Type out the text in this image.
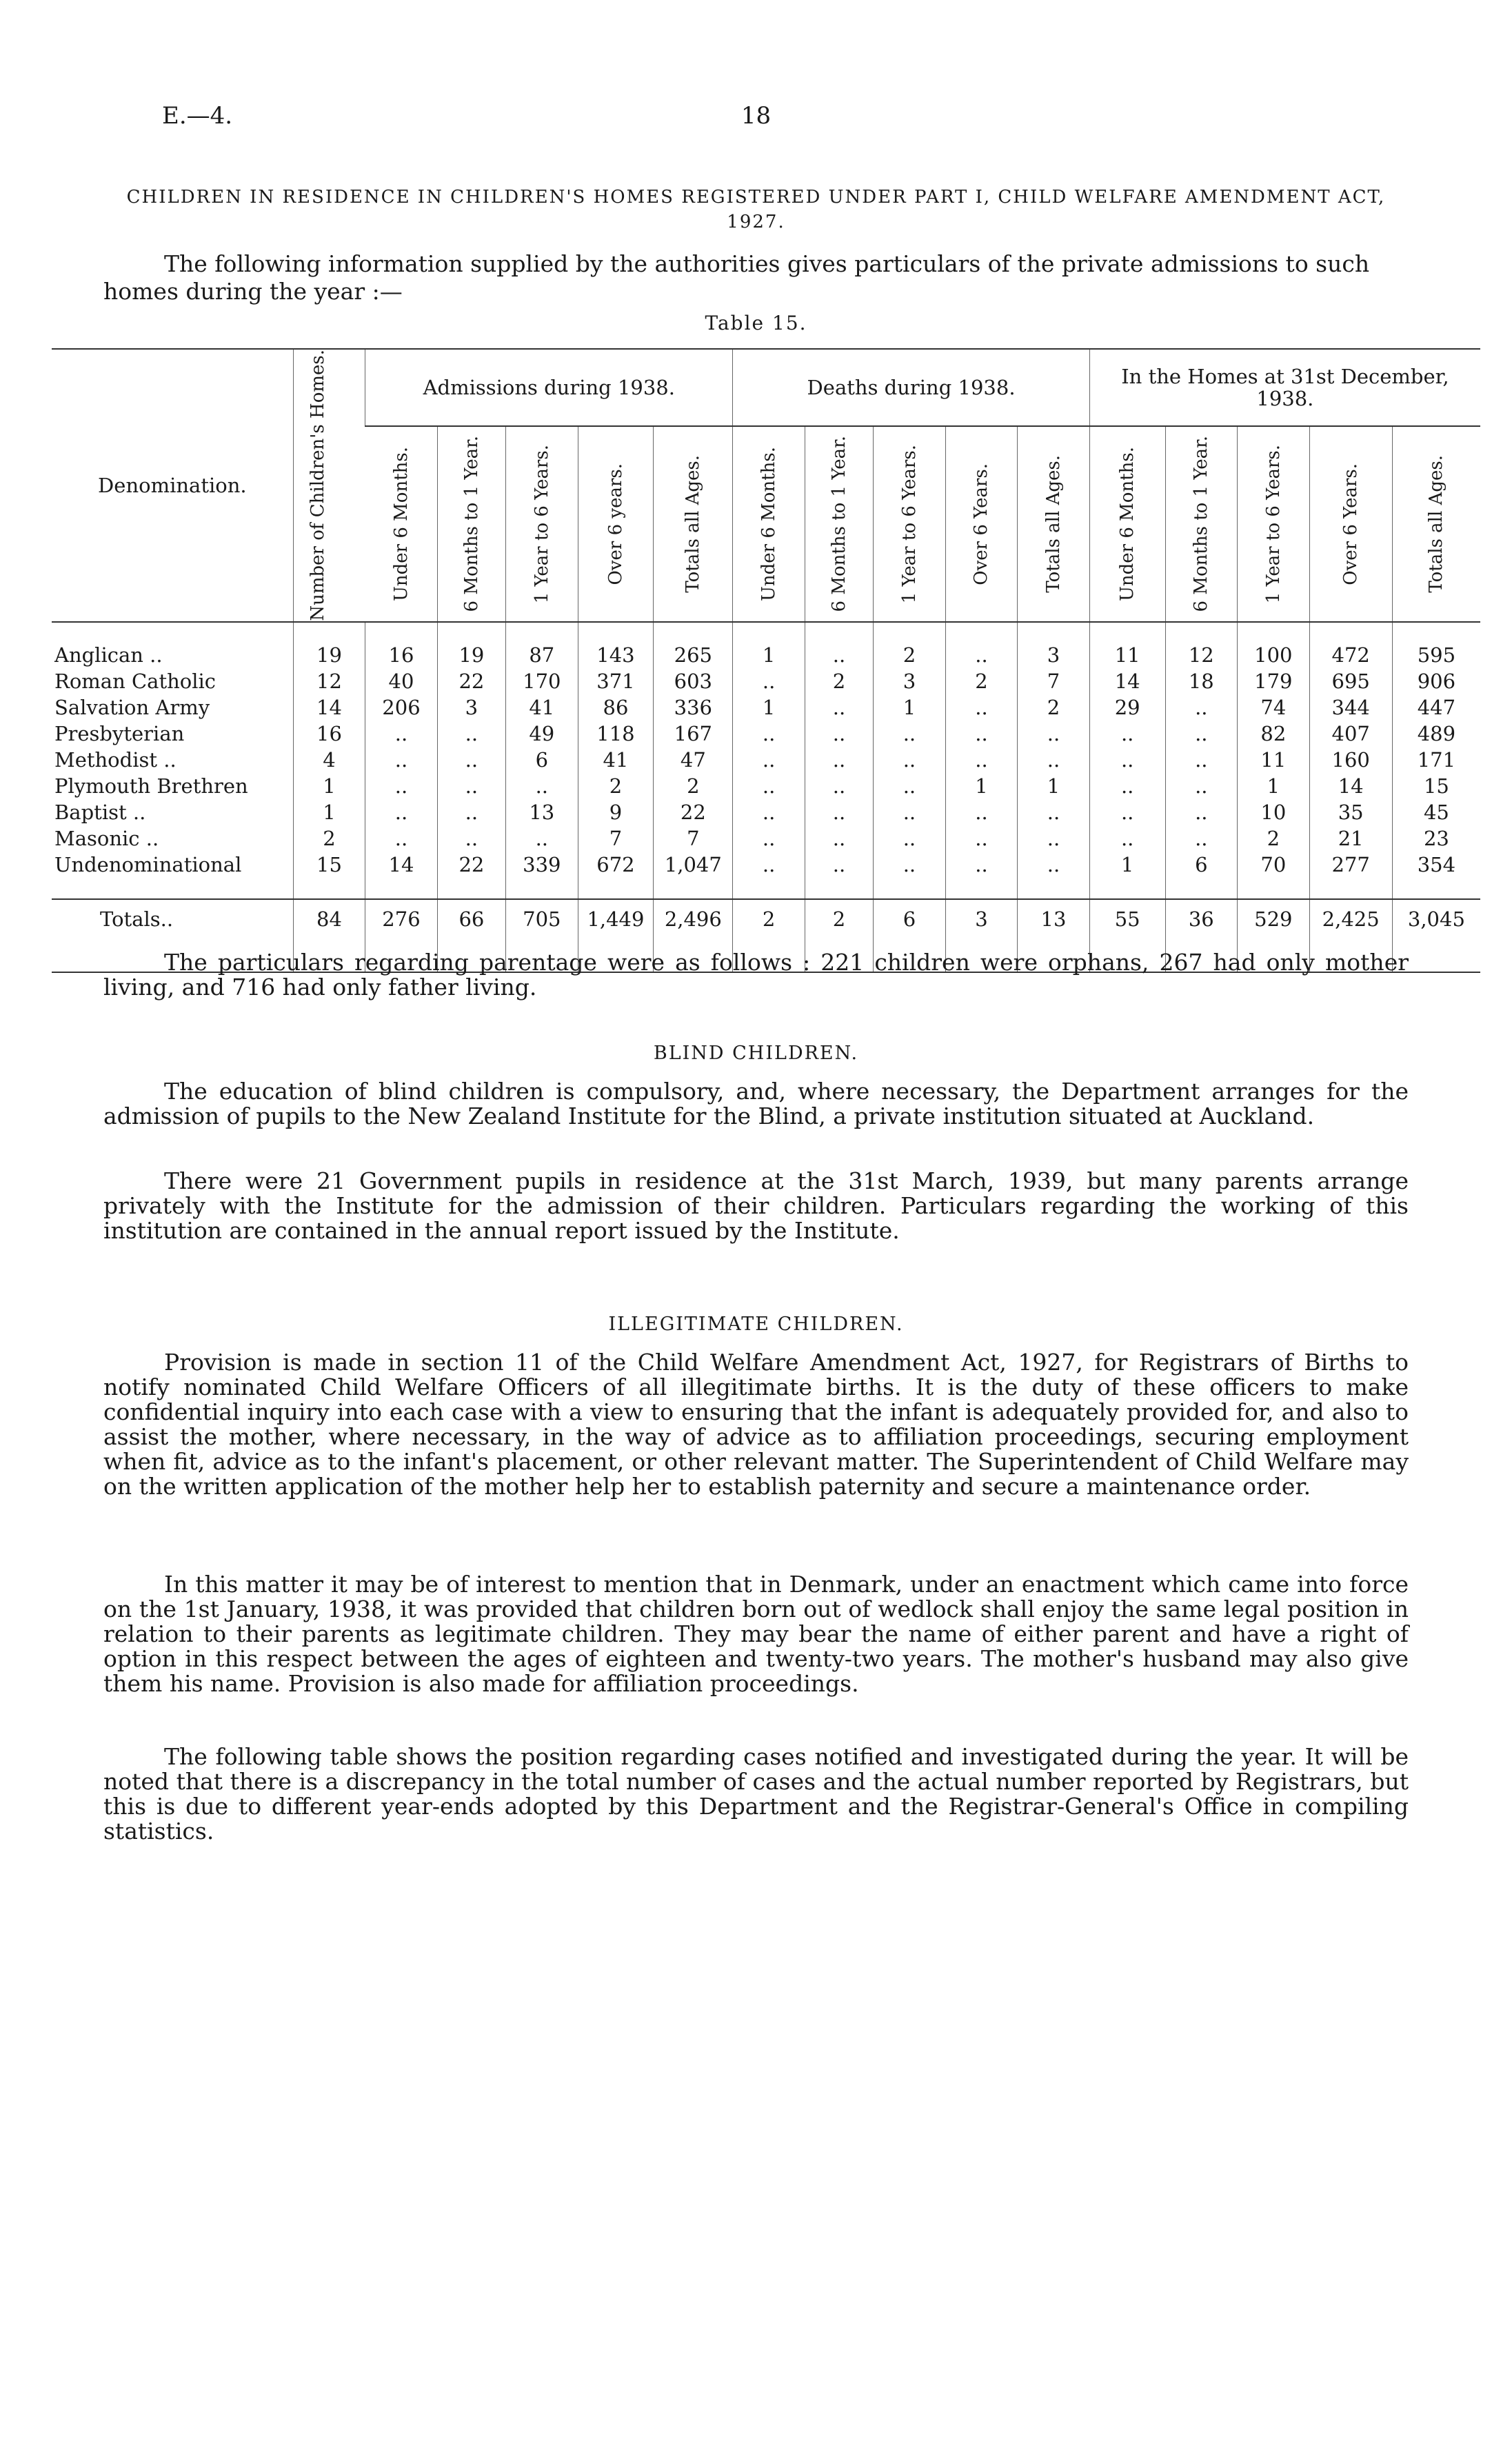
E.—4.	18
CHILDREN IN RESIDENCE IN CHILDREN'S HOMES REGISTERED UNDER PART I, CHILD WELFARE AMENDMENT ACT, 1927.
The following information supplied by the authorities gives particulars of the private admissions to such homes during the year :—
Table 15.
Denomination.	Number of Children's Homes.	Admissions during 1938.					Deaths during 1938.					In the Homes at 31st December, 1938.				

		Under 6 Months.	6 Months to 1 Year.	1 Year to 6 Years.	Over 6 years.	Totals all Ages.	Under 6 Months.	6 Months to 1 Year.	1 Year to 6 Years.	Over 6 Years.	Totals all Ages.	Under 6 Months.	6 Months to 1 Year.	1 Year to 6 Years.	Over 6 Years.	Totals all Ages.

Anglican ..	19	16	19	87	143	265	1	..	2	..	3	11	12	100	472	595
Roman Catholic	12	40	22	170	371	603	..	2	3	2	7	14	18	179	695	906
Salvation Army	14	206	3	41	86	336	1	..	1	..	2	29	..	74	344	447
Presbyterian	16	..	..	49	118	167	..	..	..	..	..	..	..	82	407	489
Methodist ..	4	..	..	6	41	47	..	..	..	..	..	..	..	11	160	171
Plymouth Brethren	1	..	..	..	2	2	..	..	..	1	1	..	..	1	14	15
Baptist ..	1	..	..	13	9	22	..	..	..	..	..	..	..	10	35	45
Masonic ..	2	..	..	..	7	7	..	..	..	..	..	..	..	2	21	23
Undenominational	15	14	22	339	672	1,047	..	..	..	..	..	1	6	70	277	354

Totals..	84	276	66	705	1,449	2,496	2	2	6	3	13	55	36	529	2,425	3,045

The particulars regarding parentage were as follows : 221 children were orphans, 267 had only mother living, and 716 had only father living.
BLIND CHILDREN.
The education of blind children is compulsory, and, where necessary, the Department arranges for the admission of pupils to the New Zealand Institute for the Blind, a private institution situated at Auckland.
There were 21 Government pupils in residence at the 31st March, 1939, but many parents arrange privately with the Institute for the admission of their children. Particulars regarding the working of this institution are contained in the annual report issued by the Institute.
ILLEGITIMATE CHILDREN.
Provision is made in section 11 of the Child Welfare Amendment Act, 1927, for Registrars of Births to notify nominated Child Welfare Officers of all illegitimate births. It is the duty of these officers to make confidential inquiry into each case with a view to ensuring that the infant is adequately provided for, and also to assist the mother, where necessary, in the way of advice as to affiliation proceedings, securing employment when fit, advice as to the infant's placement, or other relevant matter. The Superintendent of Child Welfare may on the written application of the mother help her to establish paternity and secure a maintenance order.
In this matter it may be of interest to mention that in Denmark, under an enactment which came into force on the 1st January, 1938, it was provided that children born out of wedlock shall enjoy the same legal position in relation to their parents as legitimate children. They may bear the name of either parent and have a right of option in this respect between the ages of eighteen and twenty-two years. The mother's husband may also give them his name. Provision is also made for affiliation proceedings.
The following table shows the position regarding cases notified and investigated during the year. It will be noted that there is a discrepancy in the total number of cases and the actual number reported by Registrars, but this is due to different year-ends adopted by this Department and the Registrar-General's Office in compiling statistics.
